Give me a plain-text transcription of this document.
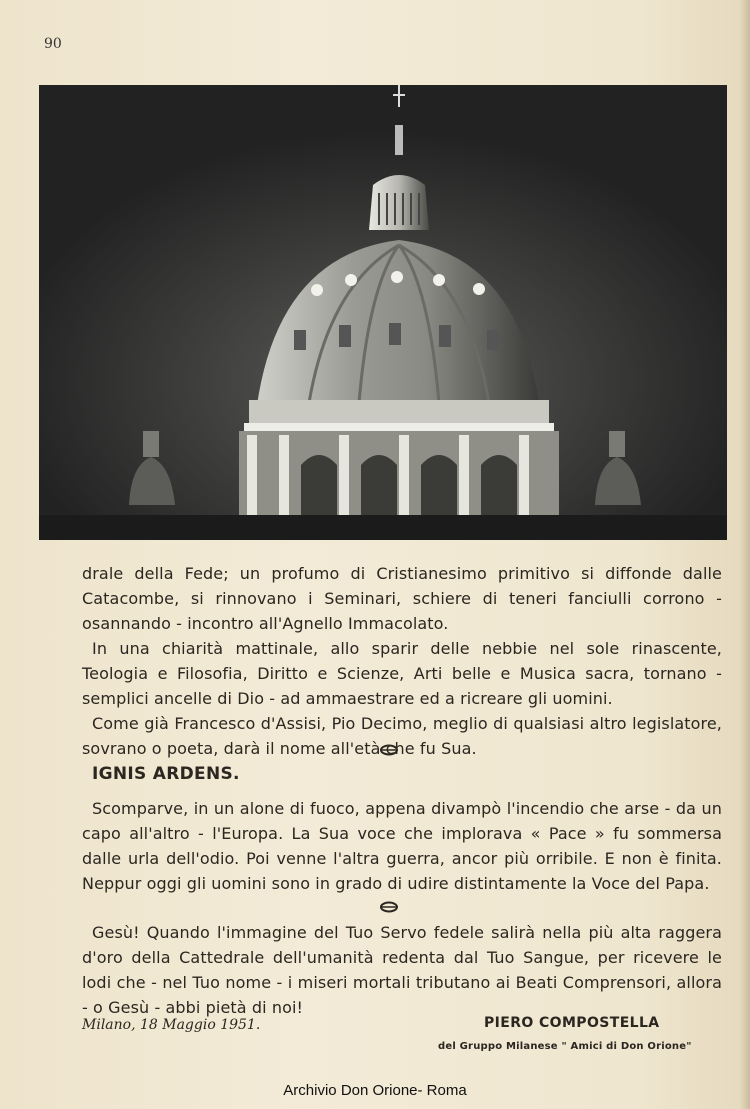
90

drale della Fede; un profumo di Cristianesimo primitivo si diffonde dalle Catacombe, si rinnovano i Seminari, schiere di teneri fanciulli corrono - osannando - incontro all'Agnello Immacolato.

In una chiarità mattinale, allo sparir delle nebbie nel sole rinascente, Teologia e Filosofia, Diritto e Scienze, Arti belle e Musica sacra, tornano - semplici ancelle di Dio - ad ammaestrare ed a ricreare gli uomini.

Come già Francesco d'Assisi, Pio Decimo, meglio di qualsiasi altro legislatore, sovrano o poeta, darà il nome all'età che fu Sua.

IGNIS ARDENS.

Scomparve, in un alone di fuoco, appena divampò l'incendio che arse - da un capo all'altro - l'Europa. La Sua voce che implorava « Pace » fu sommersa dalle urla dell'odio. Poi venne l'altra guerra, ancor più orribile. E non è finita. Neppur oggi gli uomini sono in grado di udire distintamente la Voce del Papa.

Gesù! Quando l'immagine del Tuo Servo fedele salirà nella più alta raggera d'oro della Cattedrale dell'umanità redenta dal Tuo Sangue, per ricevere le lodi che - nel Tuo nome - i miseri mortali tributano ai Beati Comprensori, allora - o Gesù - abbi pietà di noi!

Milano, 18 Maggio 1951.	PIERO COMPOSTELLA
del Gruppo Milanese " Amici di Don Orione"
Archivio Don Orione- Roma
